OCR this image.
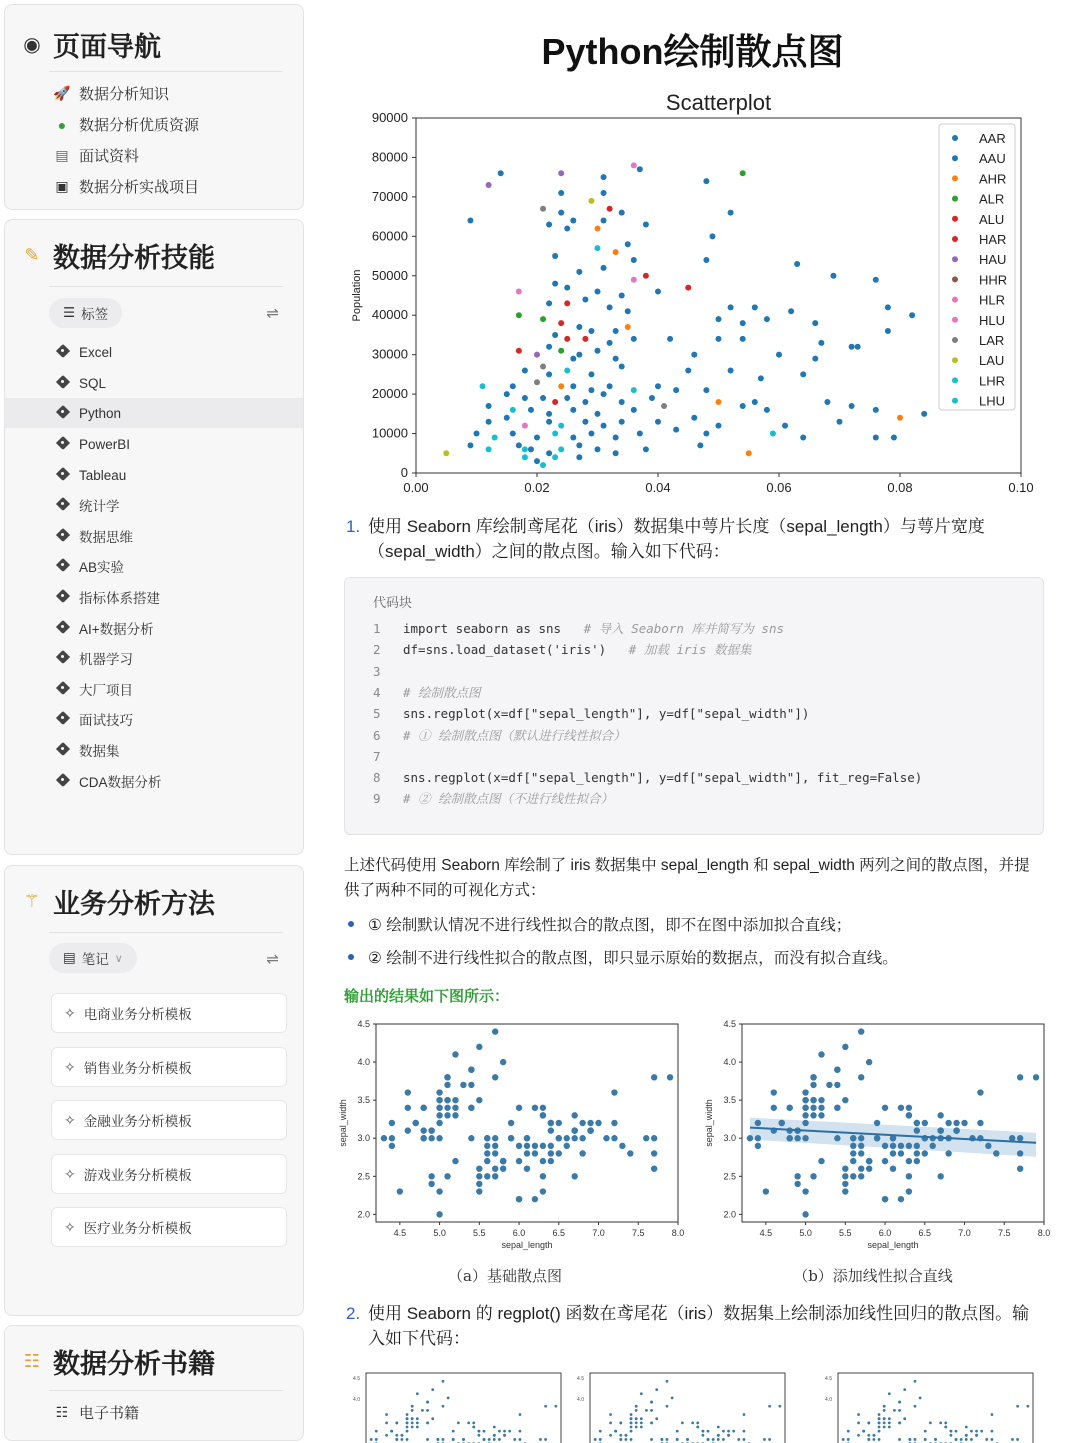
◉ 页面导航
🚀 数据分析知识
● 数据分析优质资源
▤ 面试资料
▣ 数据分析实战项目
✎ 数据分析技能
☰ 标签	⇌
Excel
SQL
Python
PowerBI
Tableau
统计学
数据思维
AB实验
指标体系搭建
AI+数据分析
机器学习
大厂项目
面试技巧
数据集
CDA数据分析
⚚ 业务分析方法
▤ 笔记 ∨	⇌
✧ 电商业务分析模板
✧ 销售业务分析模板
✧ 金融业务分析模板
✧ 游戏业务分析模板
✧ 医疗业务分析模板
☷ 数据分析书籍
☷ 电子书籍
Python绘制散点图
Scatterplot
0
10000
20000
30000
40000
50000
60000
70000
80000
90000
0.00	0.02	0.04	0.06	0.08	0.10
Population
AAR
AAU
AHR
ALR
ALU
HAR
HAU
HHR
HLR
HLU
LAR
LAU
LHR
LHU
1. 使用 Seaborn 库绘制鸢尾花（iris）数据集中萼片长度（sepal_length）与萼片宽度（sepal_width）之间的散点图。输入如下代码：
代码块
1 import seaborn as sns   # 导入 Seaborn 库并简写为 sns
2 df=sns.load_dataset('iris')   # 加载 iris 数据集
3
4 # 绘制散点图
5 sns.regplot(x=df["sepal_length"], y=df["sepal_width"])
6 # ① 绘制散点图（默认进行线性拟合）
7
8 sns.regplot(x=df["sepal_length"], y=df["sepal_width"], fit_reg=False)
9 # ② 绘制散点图（不进行线性拟合）
上述代码使用 Seaborn 库绘制了 iris 数据集中 sepal_length 和 sepal_width 两列之间的散点图，并提供了两种不同的可视化方式：
① 绘制默认情况不进行线性拟合的散点图，即不在图中添加拟合直线；
② 绘制不进行线性拟合的散点图，即只显示原始的数据点，而没有拟合直线。
输出的结果如下图所示：
2.0
2.5
3.0
3.5
4.0
4.5
4.5	5.0	5.5	6.0	6.5	7.0	7.5	8.0
sepal_length
sepal_width
2.0
2.5
3.0
3.5
4.0
4.5
4.5	5.0	5.5	6.0	6.5	7.0	7.5	8.0
sepal_length
sepal_width
（a）基础散点图	（b）添加线性拟合直线
2. 使用 Seaborn 的 regplot() 函数在鸢尾花（iris）数据集上绘制添加线性回归的散点图。输入如下代码：
4.5
4.0
4.5
4.0
4.5
4.0
